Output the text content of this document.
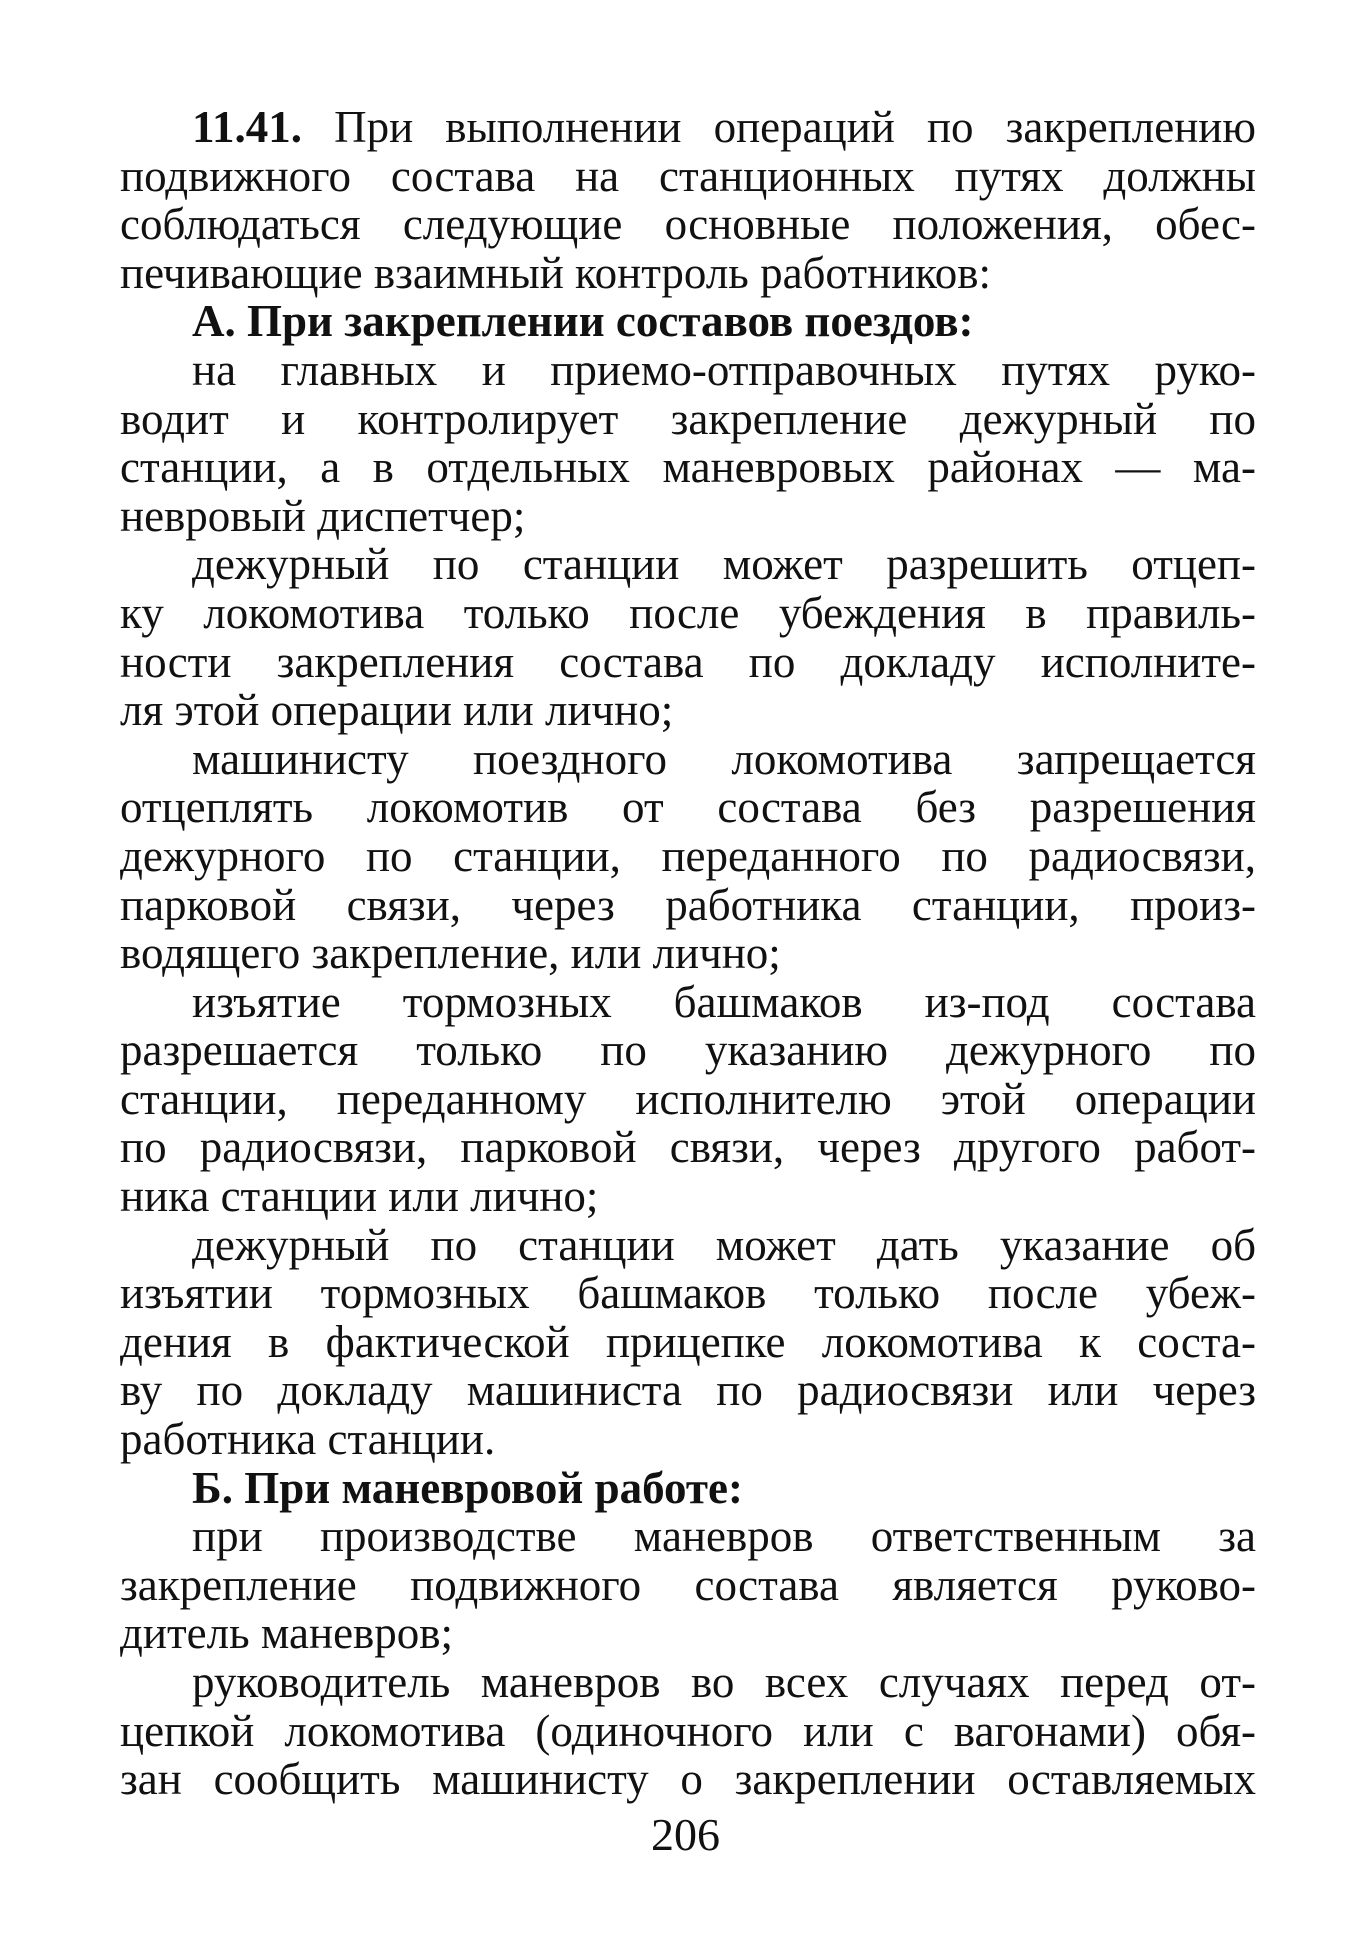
11.41. При выполнении операций по закреплению
подвижного состава на станционных путях должны
соблюдаться следующие основные положения, обес-
печивающие взаимный контроль работников:
А. При закреплении составов поездов:
на главных и приемо-отправочных путях руко-
водит и контролирует закрепление дежурный по
станции, а в отдельных маневровых районах — ма-
невровый диспетчер;
дежурный по станции может разрешить отцеп-
ку локомотива только после убеждения в правиль-
ности закрепления состава по докладу исполните-
ля этой операции или лично;
машинисту поездного локомотива запрещается
отцеплять локомотив от состава без разрешения
дежурного по станции, переданного по радиосвязи,
парковой связи, через работника станции, произ-
водящего закрепление, или лично;
изъятие тормозных башмаков из-под состава
разрешается только по указанию дежурного по
станции, переданному исполнителю этой операции
по радиосвязи, парковой связи, через другого работ-
ника станции или лично;
дежурный по станции может дать указание об
изъятии тормозных башмаков только после убеж-
дения в фактической прицепке локомотива к соста-
ву по докладу машиниста по радиосвязи или через
работника станции.
Б. При маневровой работе:
при производстве маневров ответственным за
закрепление подвижного состава является руково-
дитель маневров;
руководитель маневров во всех случаях перед от-
цепкой локомотива (одиночного или с вагонами) обя-
зан сообщить машинисту о закреплении оставляемых
206
